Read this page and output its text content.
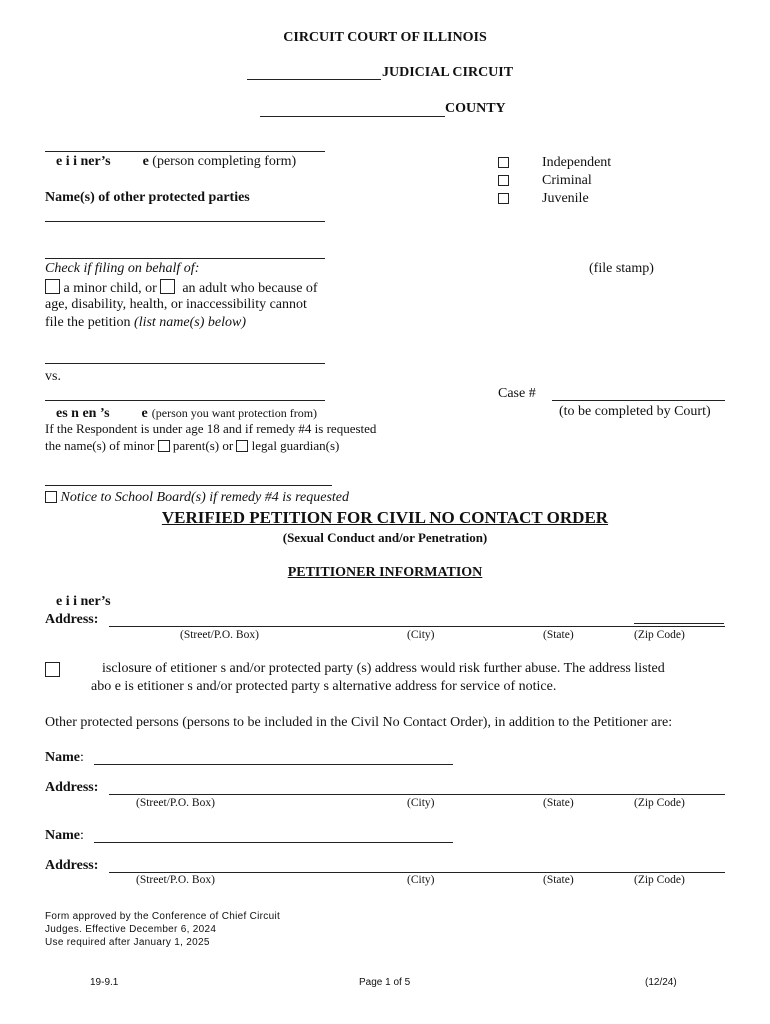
CIRCUIT COURT OF ILLINOIS
JUDICIAL CIRCUIT
COUNTY
e i i ner’s e (person completing form)
Name(s) of other protected parties
Check if filing on behalf of:
a minor child, or an adult who because of
age, disability, health, or inaccessibility cannot
file the petition (list name(s) below)
vs.
es n en ’s e (person you want protection from)
If the Respondent is under age 18 and if remedy #4 is requested
the name(s) of minor parent(s) or legal guardian(s)
Notice to School Board(s) if remedy #4 is requested
Independent
Criminal
Juvenile
(file stamp)
Case #
(to be completed by Court)
VERIFIED PETITION FOR CIVIL NO CONTACT ORDER
(Sexual Conduct and/or Penetration)
PETITIONER INFORMATION
e i i ner’s
Address:
(Street/P.O. Box)	(City)	(State)	(Zip Code)
isclosure of etitioner s and/or protected party (s) address would risk further abuse. The address listed
abo e is etitioner s and/or protected party s alternative address for service of notice.
Other protected persons (persons to be included in the Civil No Contact Order), in addition to the Petitioner are:
Name:
Address:
(Street/P.O. Box)	(City)	(State)	(Zip Code)
Name:
Address:
(Street/P.O. Box)	(City)	(State)	(Zip Code)
Form approved by the Conference of Chief Circuit
Judges. Effective December 6, 2024
Use required after January 1, 2025
19-9.1	Page 1 of 5	(12/24)
